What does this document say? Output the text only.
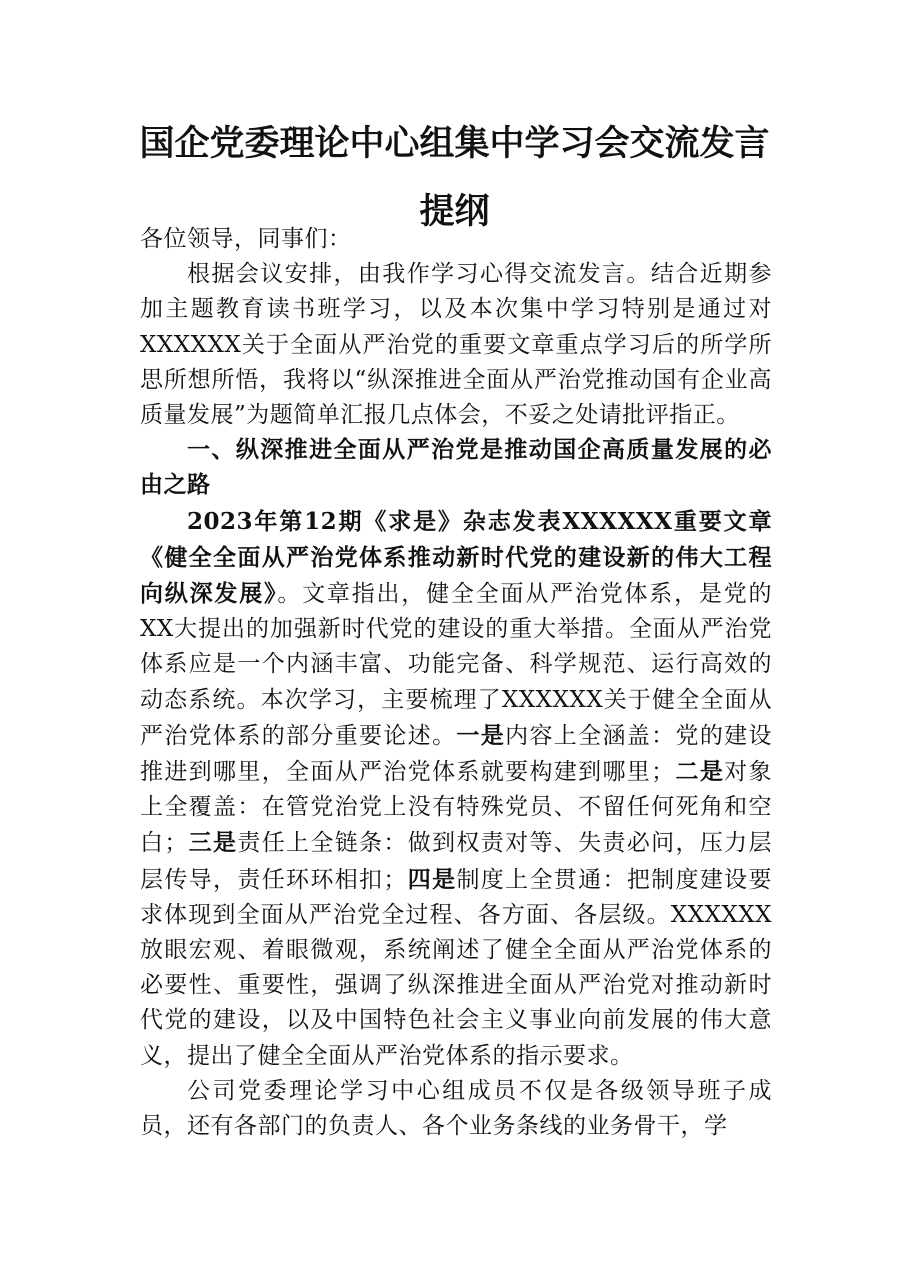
国企党委理论中心组集中学习会交流发言
提纲

各位领导，同事们：

根据会议安排，由我作学习心得交流发言。结合近期参加主题教育读书班学习，以及本次集中学习特别是通过对XXXXXX关于全面从严治党的重要文章重点学习后的所学所思所想所悟，我将以“纵深推进全面从严治党推动国有企业高质量发展”为题简单汇报几点体会，不妥之处请批评指正。

一、纵深推进全面从严治党是推动国企高质量发展的必由之路

2023年第12期《求是》杂志发表XXXXXX重要文章《健全全面从严治党体系推动新时代党的建设新的伟大工程向纵深发展》。文章指出，健全全面从严治党体系，是党的XX大提出的加强新时代党的建设的重大举措。全面从严治党体系应是一个内涵丰富、功能完备、科学规范、运行高效的动态系统。本次学习，主要梳理了XXXXXX关于健全全面从严治党体系的部分重要论述。一是内容上全涵盖：党的建设推进到哪里，全面从严治党体系就要构建到哪里；二是对象上全覆盖：在管党治党上没有特殊党员、不留任何死角和空白；三是责任上全链条：做到权责对等、失责必问，压力层层传导，责任环环相扣；四是制度上全贯通：把制度建设要求体现到全面从严治党全过程、各方面、各层级。XXXXXX放眼宏观、着眼微观，系统阐述了健全全面从严治党体系的必要性、重要性，强调了纵深推进全面从严治党对推动新时代党的建设，以及中国特色社会主义事业向前发展的伟大意义，提出了健全全面从严治党体系的指示要求。

公司党委理论学习中心组成员不仅是各级领导班子成员，还有各部门的负责人、各个业务条线的业务骨干，学
